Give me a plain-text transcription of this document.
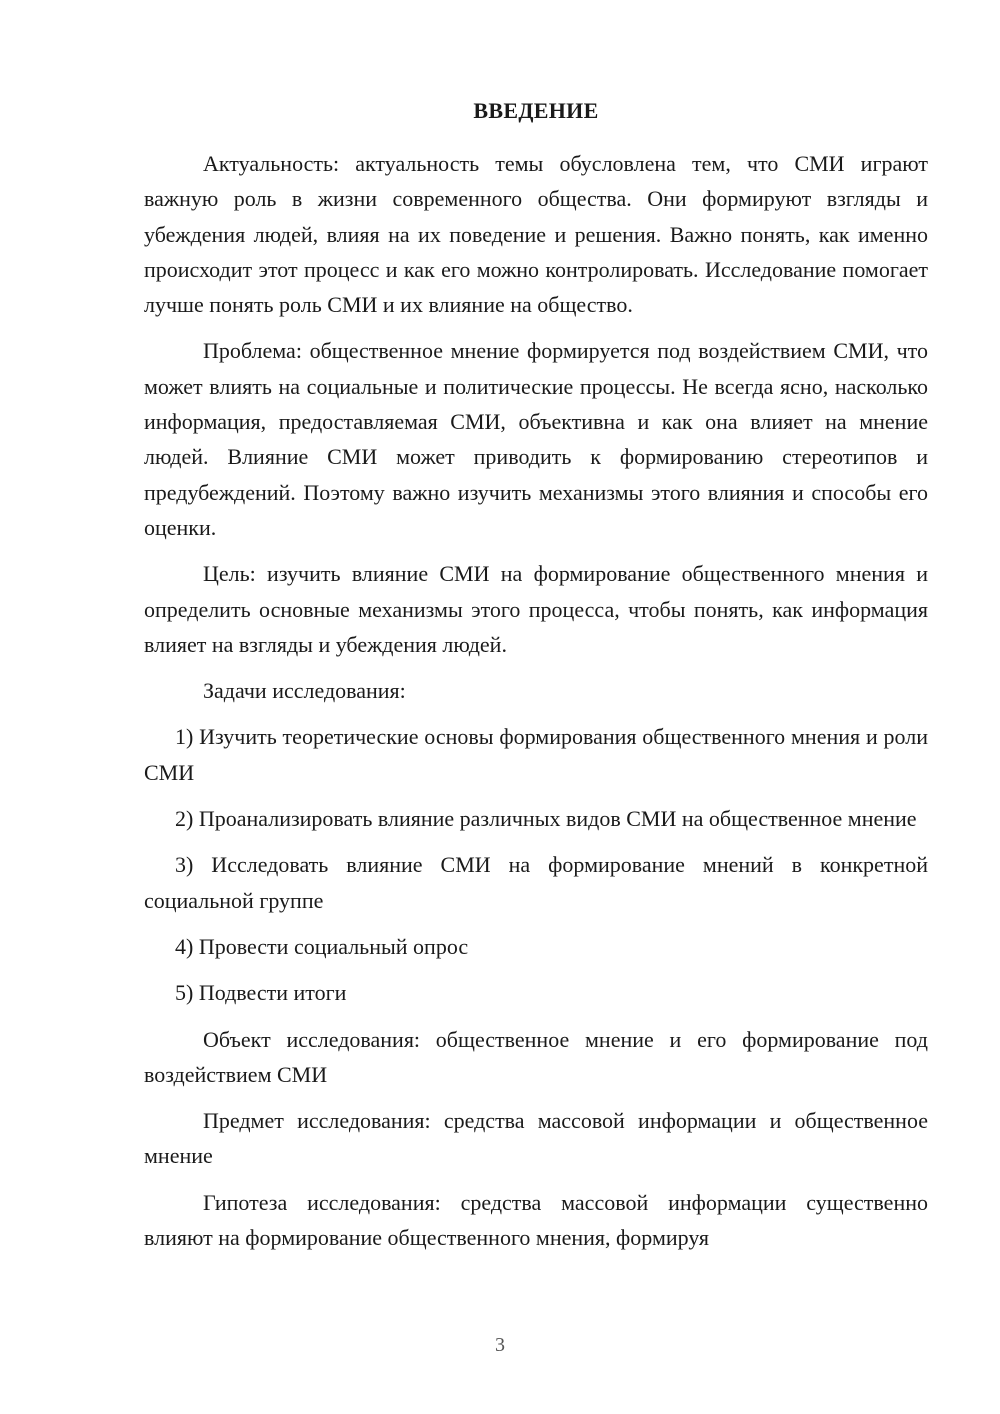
ВВЕДЕНИЕ

Актуальность: актуальность темы обусловлена тем, что СМИ играют важную роль в жизни современного общества. Они формируют взгляды и убеждения людей, влияя на их поведение и решения. Важно понять, как именно происходит этот процесс и как его можно контролировать. Исследование помогает лучше понять роль СМИ и их влияние на общество.

Проблема: общественное мнение формируется под воздействием СМИ, что может влиять на социальные и политические процессы. Не всегда ясно, насколько информация, предоставляемая СМИ, объективна и как она влияет на мнение людей. Влияние СМИ может приводить к формированию стереотипов и предубеждений. Поэтому важно изучить механизмы этого влияния и способы его оценки.

Цель: изучить влияние СМИ на формирование общественного мнения и определить основные механизмы этого процесса, чтобы понять, как информация влияет на взгляды и убеждения людей.

Задачи исследования:

1) Изучить теоретические основы формирования общественного мнения и роли СМИ

2) Проанализировать влияние различных видов СМИ на общественное мнение

3) Исследовать влияние СМИ на формирование мнений в конкретной социальной группе

4) Провести социальный опрос

5) Подвести итоги

Объект исследования: общественное мнение и его формирование под воздействием СМИ

Предмет исследования: средства массовой информации и общественное мнение

Гипотеза исследования: средства массовой информации существенно влияют на формирование общественного мнения, формируя

3
